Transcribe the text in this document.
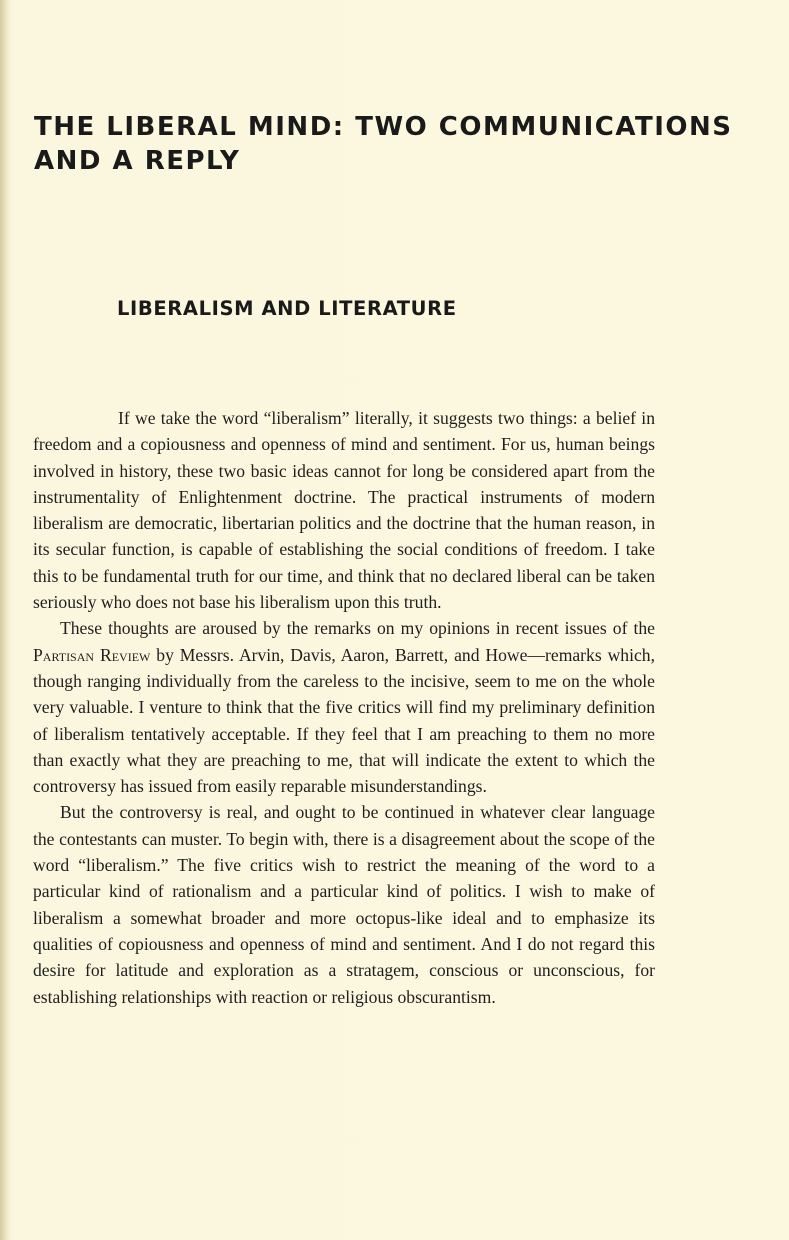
THE LIBERAL MIND: TWO COMMUNICATIONS
AND A REPLY
LIBERALISM AND LITERATURE

If we take the word “liberalism” literally, it suggests two things: a belief in freedom and a copiousness and openness of mind and sentiment. For us, human beings involved in history, these two basic ideas cannot for long be considered apart from the instrumentality of Enlightenment doctrine. The practical instruments of modern liberalism are democratic, libertarian politics and the doctrine that the human reason, in its secular function, is capable of establishing the social conditions of freedom. I take this to be fundamental truth for our time, and think that no declared liberal can be taken seriously who does not base his liberalism upon this truth.

These thoughts are aroused by the remarks on my opinions in recent issues of the Partisan Review by Messrs. Arvin, Davis, Aaron, Barrett, and Howe—remarks which, though ranging individually from the careless to the incisive, seem to me on the whole very valuable. I venture to think that the five critics will find my preliminary definition of liberalism tentatively acceptable. If they feel that I am preaching to them no more than exactly what they are preaching to me, that will indicate the extent to which the controversy has issued from easily reparable misunderstandings.

But the controversy is real, and ought to be continued in whatever clear language the contestants can muster. To begin with, there is a disagreement about the scope of the word “liberalism.” The five critics wish to restrict the meaning of the word to a particular kind of rationalism and a particular kind of politics. I wish to make of liberalism a somewhat broader and more octopus-like ideal and to emphasize its qualities of copiousness and openness of mind and sentiment. And I do not regard this desire for latitude and exploration as a stratagem, conscious or unconscious, for establishing relationships with reaction or religious obscurantism.
